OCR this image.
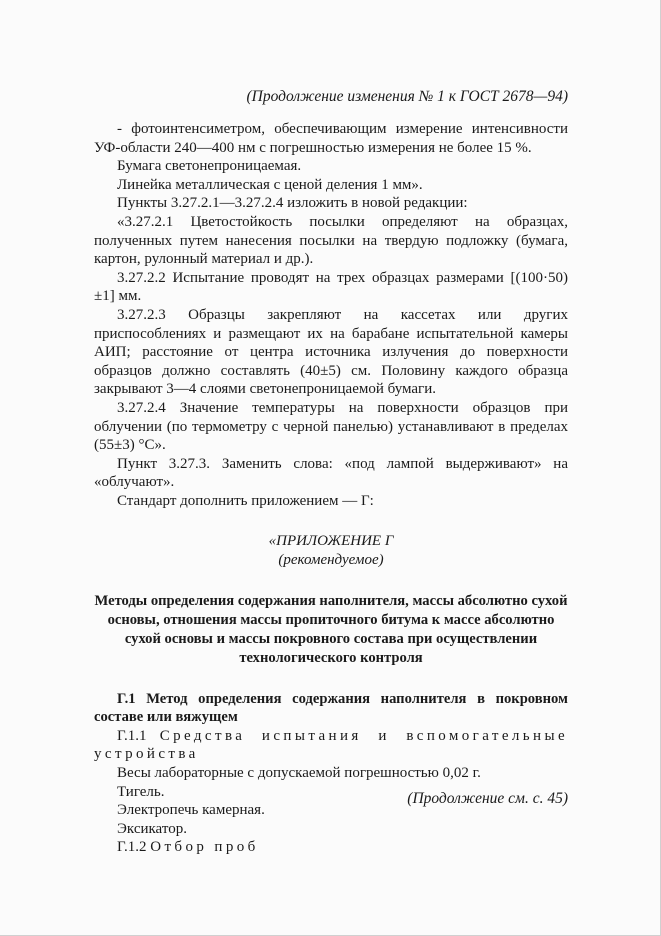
(Продолжение изменения № 1 к ГОСТ 2678—94)

- фотоинтенсиметром, обеспечивающим измерение интенсивности УФ-области 240—400 нм с погрешностью измерения не более 15 %.

Бумага светонепроницаемая.

Линейка металлическая с ценой деления 1 мм».

Пункты 3.27.2.1—3.27.2.4 изложить в новой редакции:

«3.27.2.1 Цветостойкость посылки определяют на образцах, полученных путем нанесения посылки на твердую подложку (бумага, картон, рулонный материал и др.).

3.27.2.2 Испытание проводят на трех образцах размерами [(100·50)±1] мм.

3.27.2.3 Образцы закрепляют на кассетах или других приспособлениях и размещают их на барабане испытательной камеры АИП; расстояние от центра источника излучения до поверхности образцов должно составлять (40±5) см. Половину каждого образца закрывают 3—4 слоями светонепроницаемой бумаги.

3.27.2.4 Значение температуры на поверхности образцов при облучении (по термометру с черной панелью) устанавливают в пределах (55±3) °С».

Пункт 3.27.3. Заменить слова: «под лампой выдерживают» на «облучают».

Стандарт дополнить приложением — Г:

«ПРИЛОЖЕНИЕ Г

(рекомендуемое)

Методы определения содержания наполнителя, массы абсолютно сухой основы, отношения массы пропиточного битума к массе абсолютно сухой основы и массы покровного состава при осуществлении технологического контроля

Г.1 Метод определения содержания наполнителя в покровном составе или вяжущем

Г.1.1 Средства испытания и вспомогательные устройства

Весы лабораторные с допускаемой погрешностью 0,02 г.

Тигель.

Электропечь камерная.

Эксикатор.

Г.1.2 Отбор проб

(Продолжение см. с. 45)
